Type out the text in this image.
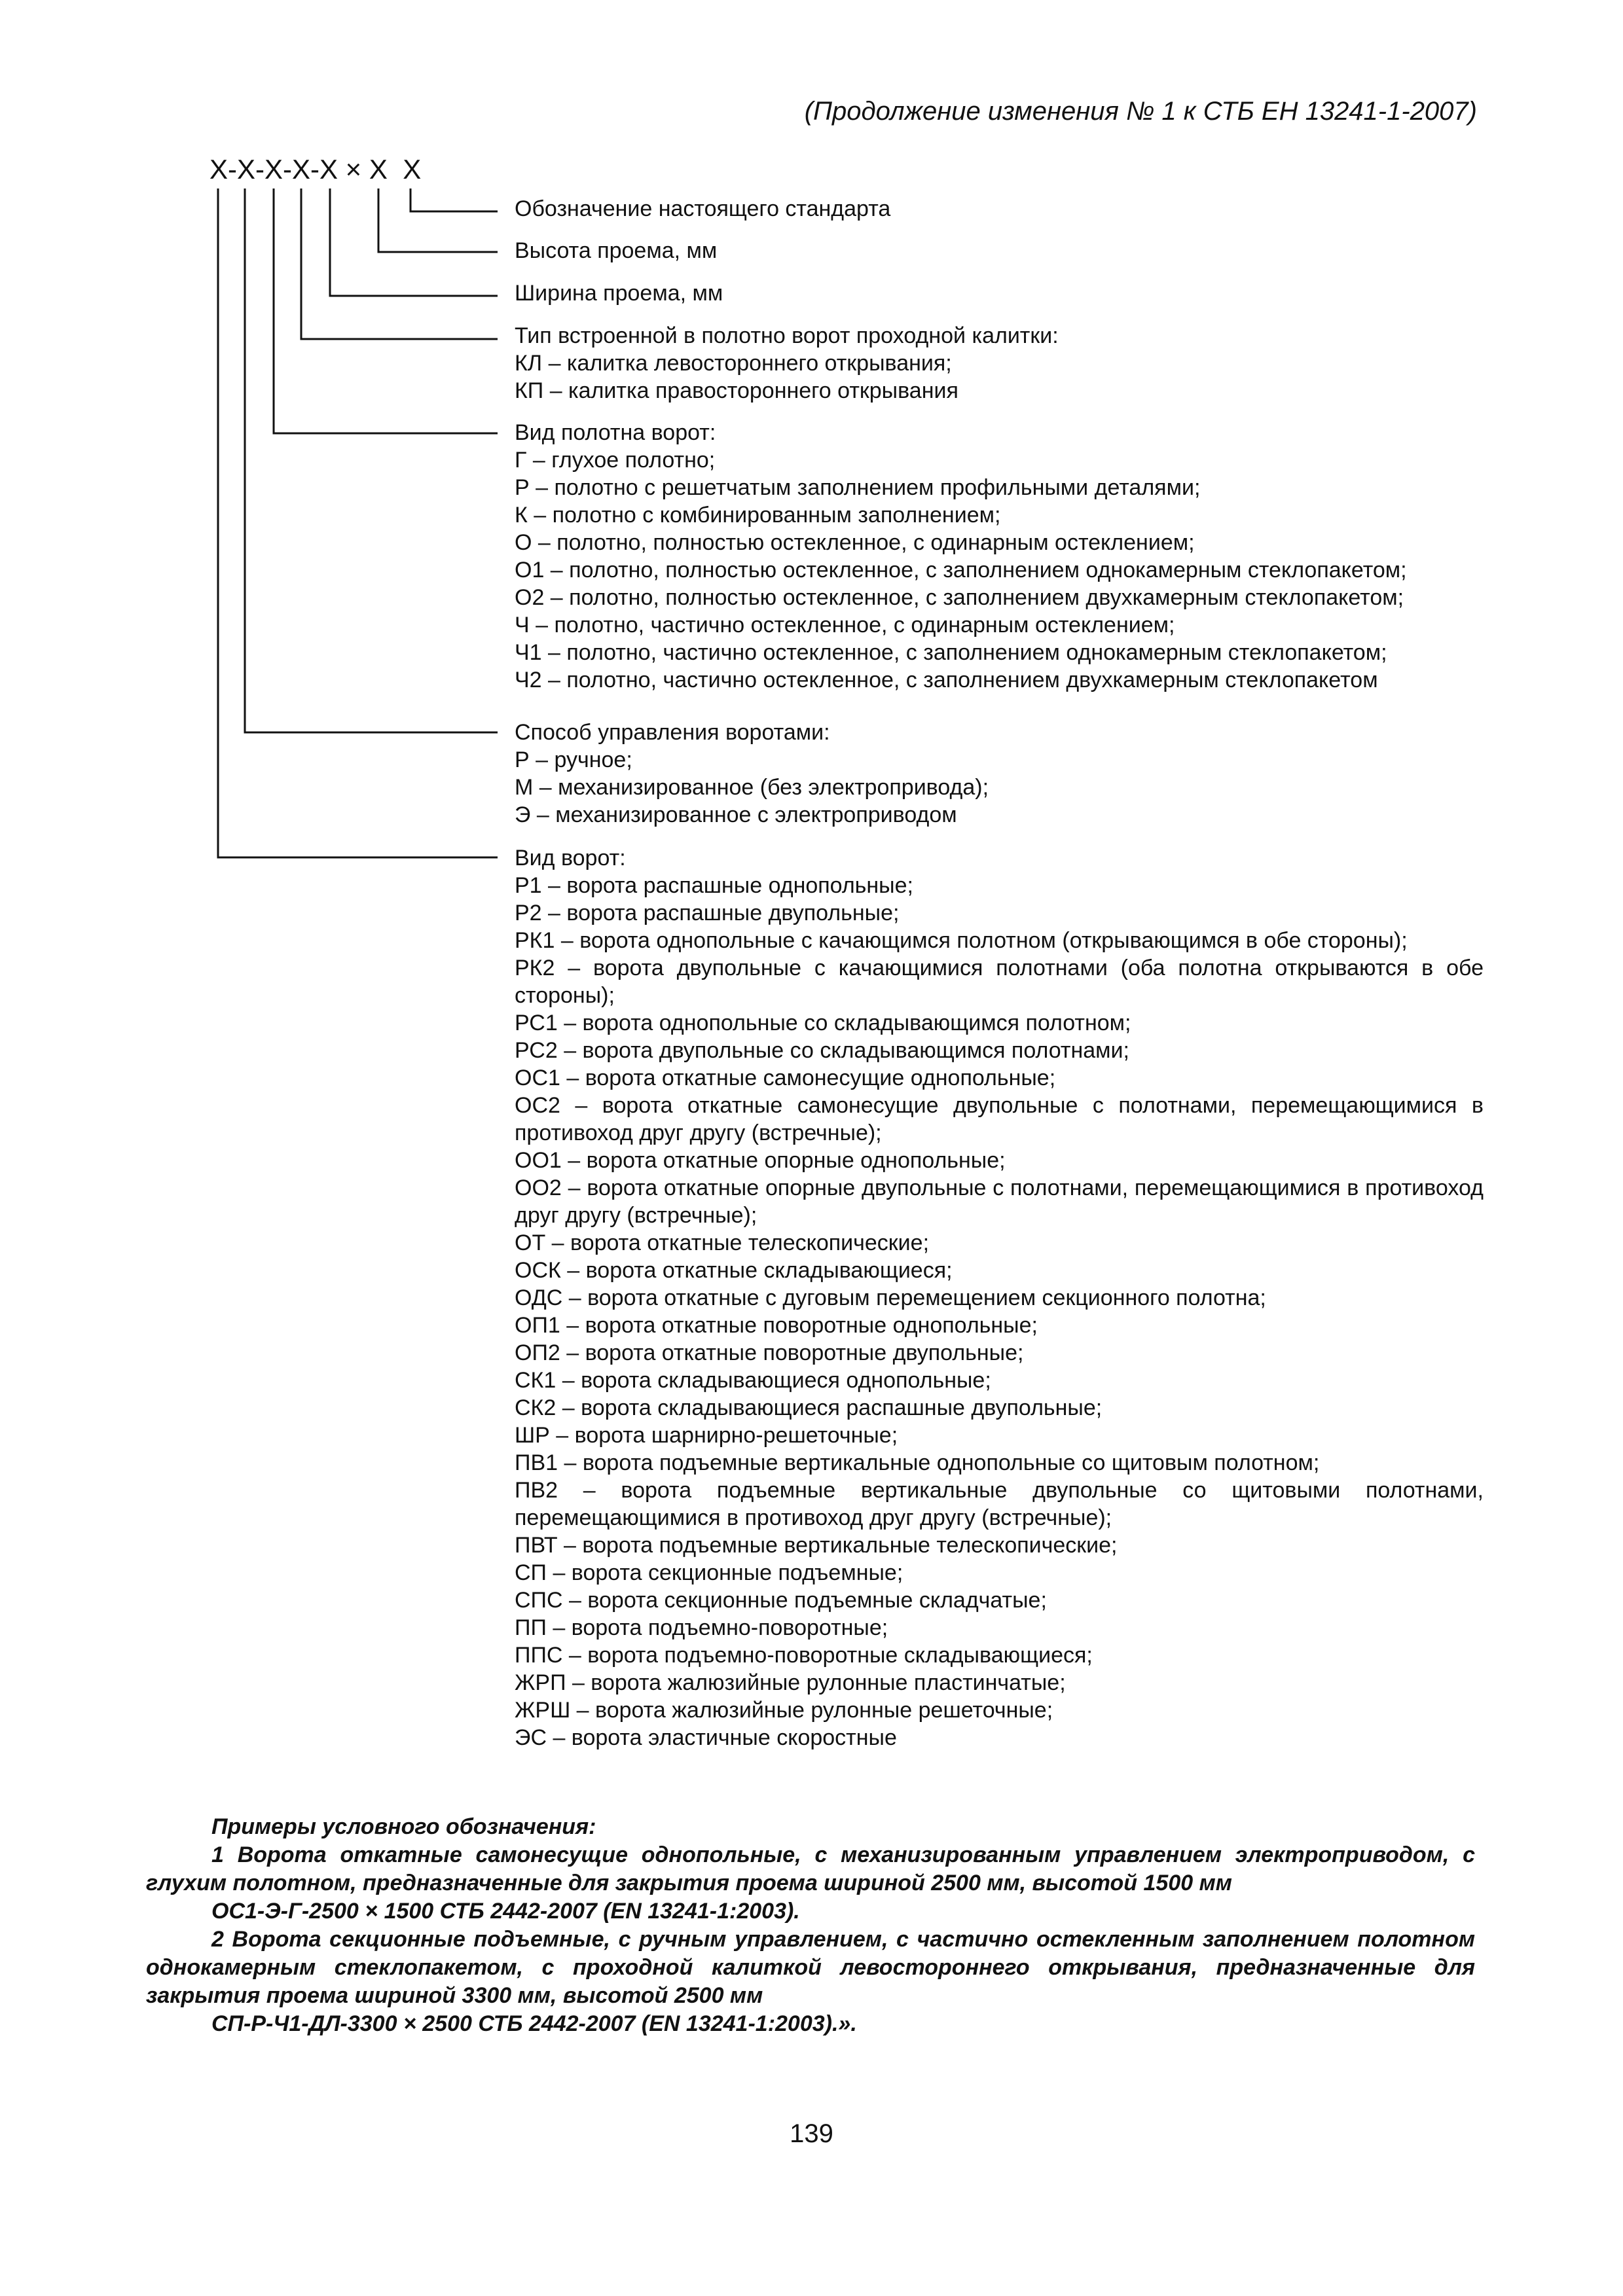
(Продолжение изменения № 1 к СТБ ЕН 13241-1-2007)
X-X-X-X-X × X  X
Обозначение настоящего стандарта
Высота проема, мм
Ширина проема, мм
Тип встроенной в полотно ворот проходной калитки:
КЛ – калитка левостороннего открывания;
КП – калитка правостороннего открывания
Вид полотна ворот:
Г – глухое полотно;
Р – полотно с решетчатым заполнением профильными деталями;
К – полотно с комбинированным заполнением;
О – полотно, полностью остекленное, с одинарным остеклением;
О1 – полотно, полностью остекленное, с заполнением однокамерным стеклопакетом;
О2 – полотно, полностью остекленное, с заполнением двухкамерным стеклопакетом;
Ч – полотно, частично остекленное, с одинарным остеклением;
Ч1 – полотно, частично остекленное, с заполнением однокамерным стеклопакетом;
Ч2 – полотно, частично остекленное, с заполнением двухкамерным стеклопакетом
Способ управления воротами:
Р – ручное;
М – механизированное (без электропривода);
Э – механизированное с электроприводом
Вид ворот:
Р1 – ворота распашные однопольные;
Р2 – ворота распашные двупольные;
РК1 – ворота однопольные с качающимся полотном (открывающимся в обе стороны);
РК2 – ворота двупольные с качающимися полотнами (оба полотна открываются в обе стороны);
РС1 – ворота однопольные со складывающимся полотном;
РС2 – ворота двупольные со складывающимся полотнами;
ОС1 – ворота откатные самонесущие однопольные;
ОС2 – ворота откатные самонесущие двупольные с полотнами, перемещающимися в противоход друг другу (встречные);
ОО1 – ворота откатные опорные однопольные;
ОО2 – ворота откатные опорные двупольные с полотнами, перемещающимися в противоход друг другу (встречные);
ОТ – ворота откатные телескопические;
ОСК – ворота откатные складывающиеся;
ОДС – ворота откатные с дуговым перемещением секционного полотна;
ОП1 – ворота откатные поворотные однопольные;
ОП2 – ворота откатные поворотные двупольные;
СК1 – ворота складывающиеся однопольные;
СК2 – ворота складывающиеся распашные двупольные;
ШР – ворота шарнирно-решеточные;
ПВ1 – ворота подъемные вертикальные однопольные со щитовым полотном;
ПВ2 – ворота подъемные вертикальные двупольные со щитовыми полотнами, перемещающимися в противоход друг другу (встречные);
ПВТ – ворота подъемные вертикальные телескопические;
СП – ворота секционные подъемные;
СПС – ворота секционные подъемные складчатые;
ПП – ворота подъемно-поворотные;
ППС – ворота подъемно-поворотные складывающиеся;
ЖРП – ворота жалюзийные рулонные пластинчатые;
ЖРШ – ворота жалюзийные рулонные решеточные;
ЭС – ворота эластичные скоростные
Примеры условного обозначения:
1 Ворота откатные самонесущие однопольные, с механизированным управлением электроприводом, с глухим полотном, предназначенные для закрытия проема шириной 2500 мм, высотой 1500 мм
ОС1-Э-Г-2500 × 1500 СТБ 2442-2007 (EN 13241-1:2003).
2 Ворота секционные подъемные, с ручным управлением, с частично остекленным заполнением полотном однокамерным стеклопакетом, с проходной калиткой левостороннего открывания, предназначенные для закрытия проема шириной 3300 мм, высотой 2500 мм
СП-Р-Ч1-ДЛ-3300 × 2500 СТБ 2442-2007 (EN 13241-1:2003).».
139
